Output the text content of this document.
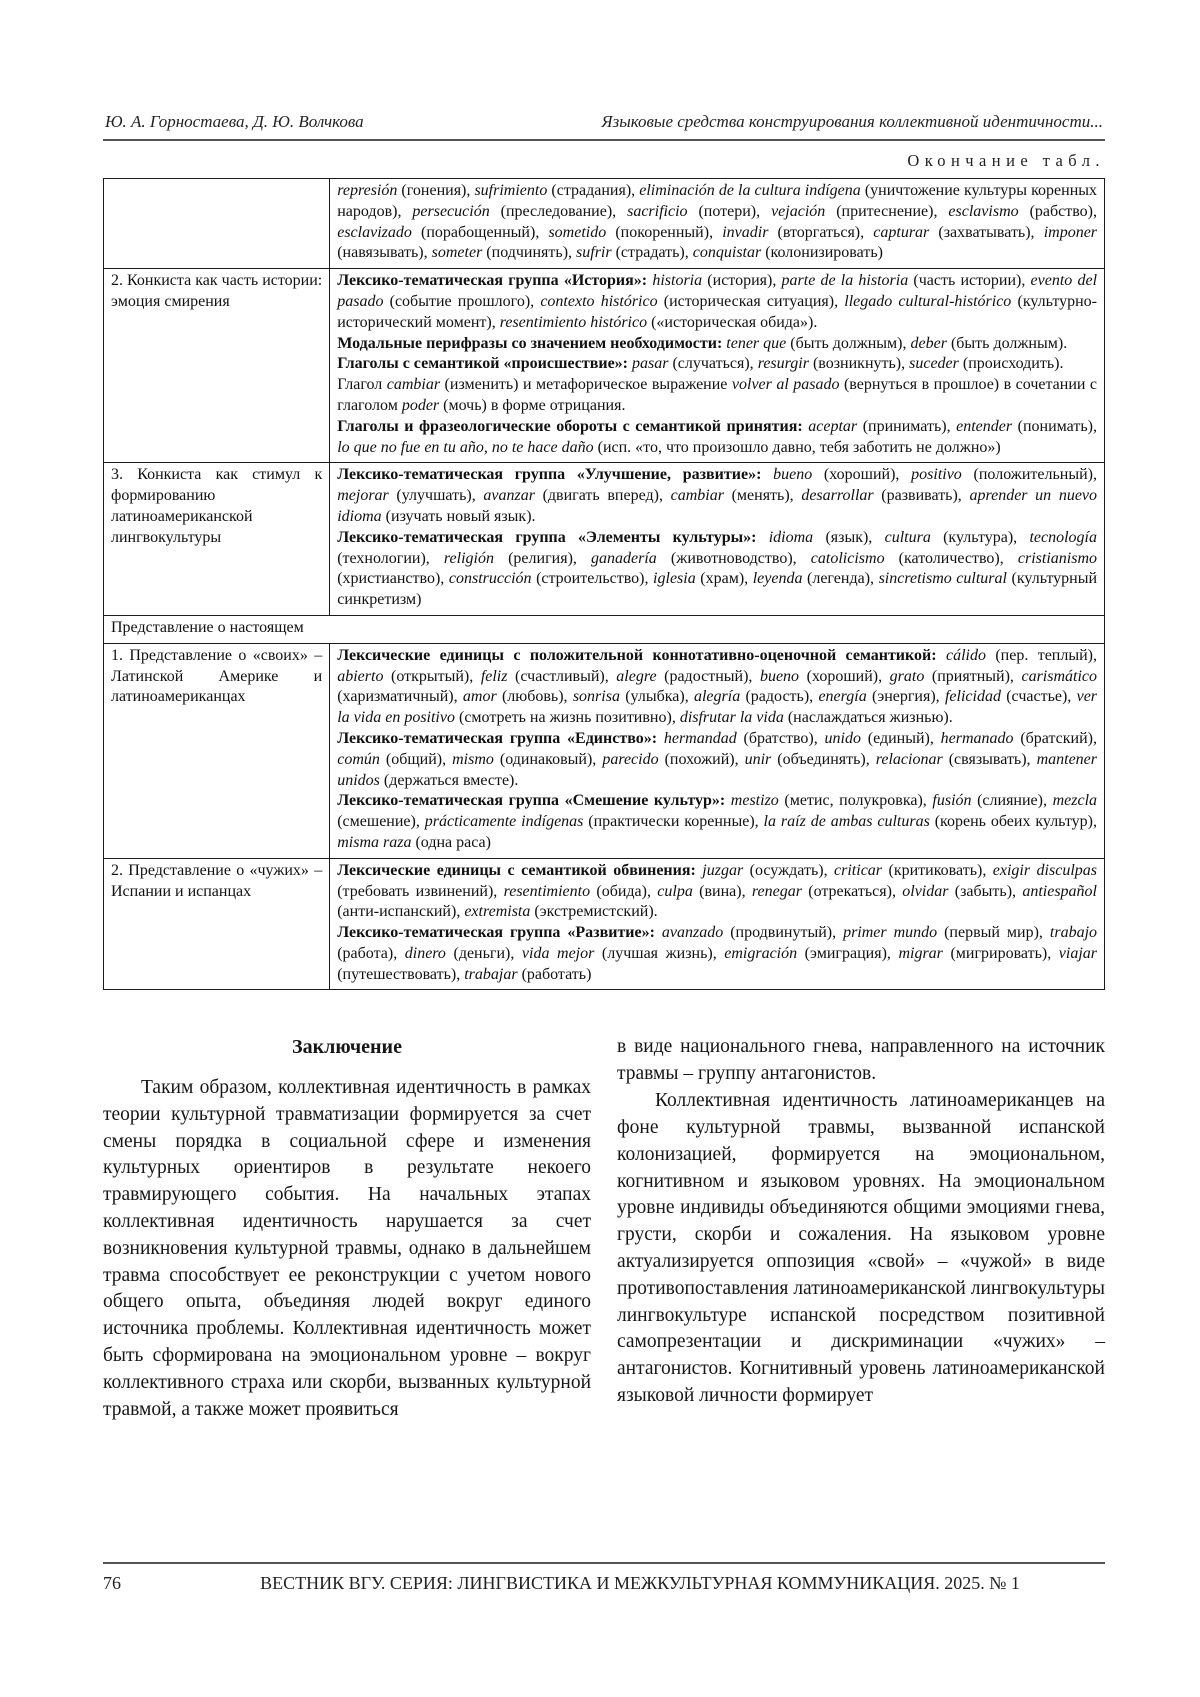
Ю. А. Горностаева, Д. Ю. Волчкова	Языковые средства конструирования коллективной идентичности...
Окончание табл.

	represión (гонения), sufrimiento (страдания), eliminación de la cultura indígena (уничтожение культуры коренных народов), persecución (преследование), sacrificio (потери), vejación (притеснение), esclavismo (рабство), esclavizado (порабощенный), sometido (покоренный), invadir (вторгаться), capturar (захватывать), imponer (навязывать), someter (подчинять), sufrir (страдать), conquistar (колонизировать)

2. Конкиста как часть истории: эмоция смирения	Лексико-тематическая группа «История»: historia (история), parte de la historia (часть истории), evento del pasado (событие прошлого), contexto histórico (историческая ситуация), llegado cultural-histórico (культурно-исторический момент), resentimiento histórico («историческая обида»).
Модальные перифразы со значением необходимости: tener que (быть должным), deber (быть должным).
Глаголы с семантикой «происшествие»: pasar (случаться), resurgir (возникнуть), suceder (происходить).
Глагол cambiar (изменить) и метафорическое выражение volver al pasado (вернуться в прошлое) в сочетании с глаголом poder (мочь) в форме отрицания.
Глаголы и фразеологические обороты с семантикой принятия: aceptar (принимать), entender (понимать), lo que no fue en tu año, no te hace daño (исп. «то, что произошло давно, тебя заботить не должно»)

3. Конкиста как стимул к формированию латиноамериканской лингвокультуры	Лексико-тематическая группа «Улучшение, развитие»: bueno (хороший), positivo (положительный), mejorar (улучшать), avanzar (двигать вперед), cambiar (менять), desarrollar (развивать), aprender un nuevo idioma (изучать новый язык).
Лексико-тематическая группа «Элементы культуры»: idioma (язык), cultura (культура), tecnología (технологии), religión (религия), ganadería (животноводство), catolicismo (католичество), cristianismo (христианство), construcción (строительство), iglesia (храм), leyenda (легенда), sincretismo cultural (культурный синкретизм)

Представление о настоящем	
1. Представление о «своих» – Латинской Америке и латиноамериканцах	Лексические единицы с положительной коннотативно-оценочной семантикой: cálido (пер. теплый), abierto (открытый), feliz (счастливый), alegre (радостный), bueno (хороший), grato (приятный), carismático (харизматичный), amor (любовь), sonrisa (улыбка), alegría (радость), energía (энергия), felicidad (счастье), ver la vida en positivo (смотреть на жизнь позитивно), disfrutar la vida (наслаждаться жизнью).
Лексико-тематическая группа «Единство»: hermandad (братство), unido (единый), hermanado (братский), común (общий), mismo (одинаковый), parecido (похожий), unir (объединять), relacionar (связывать), mantener unidos (держаться вместе).
Лексико-тематическая группа «Смешение культур»: mestizo (метис, полукровка), fusión (слияние), mezcla (смешение), prácticamente indígenas (практически коренные), la raíz de ambas culturas (корень обеих культур), misma raza (одна раса)

2. Представление о «чужих» – Испании и испанцах	Лексические единицы с семантикой обвинения: juzgar (осуждать), criticar (критиковать), exigir disculpas (требовать извинений), resentimiento (обида), culpa (вина), renegar (отрекаться), olvidar (забыть), antiespañol (анти-испанский), extremista (экстремистский).
Лексико-тематическая группа «Развитие»: avanzado (продвинутый), primer mundo (первый мир), trabajo (работа), dinero (деньги), vida mejor (лучшая жизнь), emigración (эмиграция), migrar (мигрировать), viajar (путешествовать), trabajar (работать)
Заключение

Таким образом, коллективная идентичность в рамках теории культурной травматизации формируется за счет смены порядка в социальной сфере и изменения культурных ориентиров в результате некоего травмирующего события. На начальных этапах коллективная идентичность нарушается за счет возникновения культурной травмы, однако в дальнейшем травма способствует ее реконструкции с учетом нового общего опыта, объединяя людей вокруг единого источника проблемы. Коллективная идентичность может быть сформирована на эмоциональном уровне – вокруг коллективного страха или скорби, вызванных культурной травмой, а также может проявиться

в виде национального гнева, направленного на источник травмы – группу антагонистов.

Коллективная идентичность латиноамериканцев на фоне культурной травмы, вызванной испанской колонизацией, формируется на эмоциональном, когнитивном и языковом уровнях. На эмоциональном уровне индивиды объединяются общими эмоциями гнева, грусти, скорби и сожаления. На языковом уровне актуализируется оппозиция «свой» – «чужой» в виде противопоставления латиноамериканской лингвокультуры лингвокультуре испанской посредством позитивной самопрезентации и дискриминации «чужих» – антагонистов. Когнитивный уровень латиноамериканской языковой личности формирует

76	ВЕСТНИК ВГУ. СЕРИЯ: ЛИНГВИСТИКА И МЕЖКУЛЬТУРНАЯ КОММУНИКАЦИЯ. 2025. № 1
